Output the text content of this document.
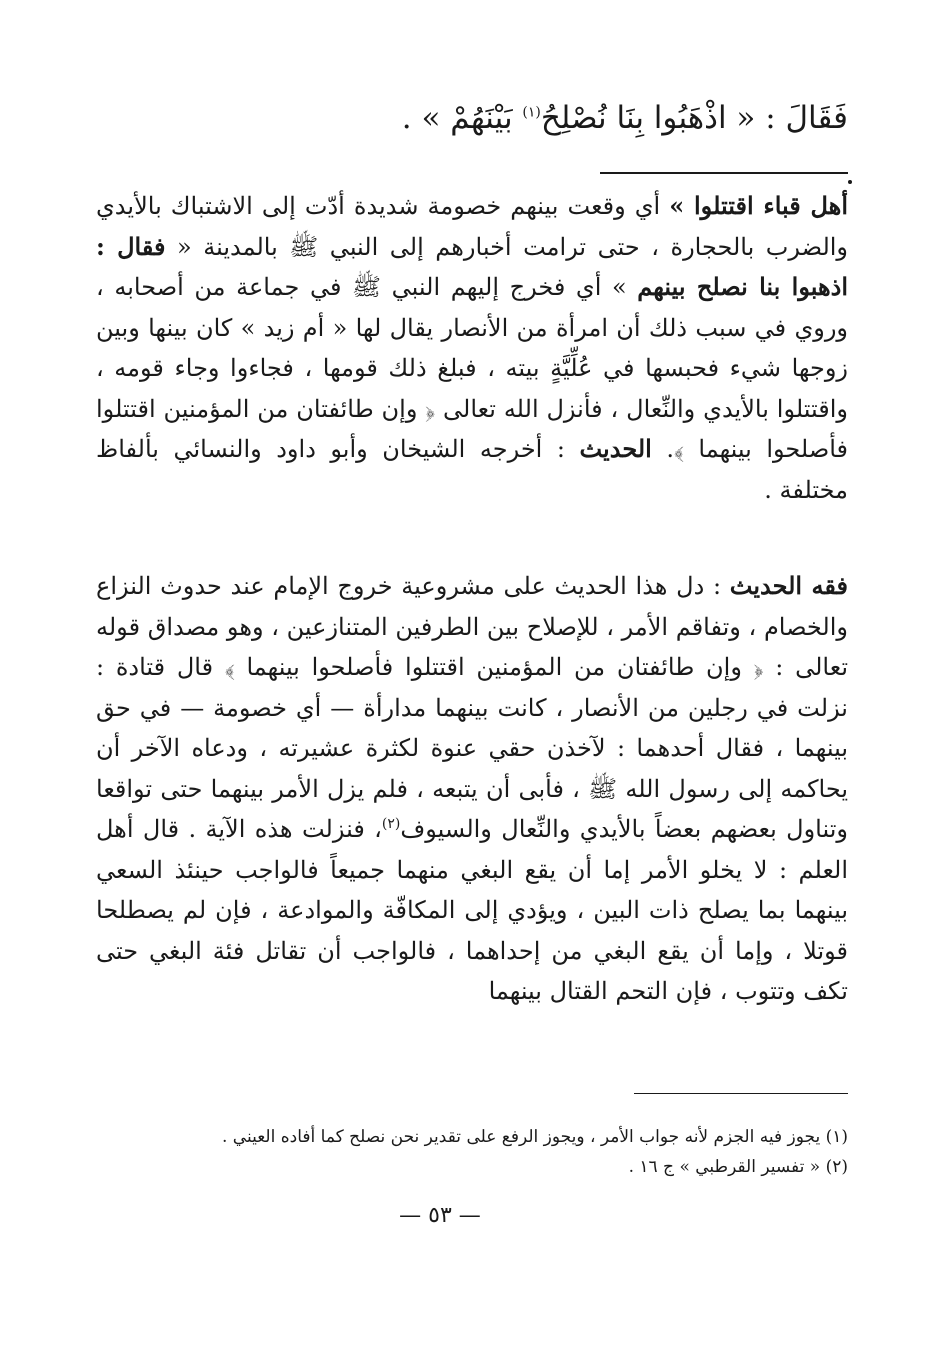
فَقَالَ : « اذْهَبُوا بِنَا نُصْلِحُ$^{(١)}$ بَيْنَهُمْ » .
أهل قباء اقتتلوا » أي وقعت بينهم خصومة شديدة أدّت إلى الاشتباك بالأيدي والضرب بالحجارة ، حتى ترامت أخبارهم إلى النبي ﷺ بالمدينة « فقال : اذهبوا بنا نصلح بينهم » أي فخرج إليهم النبي ﷺ في جماعة من أصحابه ، وروي في سبب ذلك أن امرأة من الأنصار يقال لها « أم زيد » كان بينها وبين زوجها شيء فحبسها في عُلِّيَّةٍ بيته ، فبلغ ذلك قومها ، فجاءوا وجاء قومه ، واقتتلوا بالأيدي والنِّعال ، فأنزل الله تعالى ﴿ وإن طائفتان من المؤمنين اقتتلوا فأصلحوا بينهما ﴾. الحديث : أخرجه الشيخان وأبو داود والنسائي بألفاظ مختلفة .
فقه الحديث : دل هذا الحديث على مشروعية خروج الإمام عند حدوث النزاع والخصام ، وتفاقم الأمر ، للإصلاح بين الطرفين المتنازعين ، وهو مصداق قوله تعالى : ﴿ وإن طائفتان من المؤمنين اقتتلوا فأصلحوا بينهما ﴾ قال قتادة : نزلت في رجلين من الأنصار ، كانت بينهما مدارأة — أي خصومة — في حق بينهما ، فقال أحدهما : لآخذن حقي عنوة لكثرة عشيرته ، ودعاه الآخر أن يحاكمه إلى رسول الله ﷺ ، فأبى أن يتبعه ، فلم يزل الأمر بينهما حتى تواقعا وتناول بعضهم بعضاً بالأيدي والنِّعال والسيوف$^{(٢)}$، فنزلت هذه الآية . قال أهل العلم : لا يخلو الأمر إما أن يقع البغي منهما جميعاً فالواجب حينئذ السعي بينهما بما يصلح ذات البين ، ويؤدي إلى المكافّة والموادعة ، فإن لم يصطلحا قوتلا ، وإما أن يقع البغي من إحداهما ، فالواجب أن تقاتل فئة البغي حتى تكف وتتوب ، فإن التحم القتال بينهما
(١) يجوز فيه الجزم لأنه جواب الأمر ، ويجوز الرفع على تقدير نحن نصلح كما أفاده العيني .
(٢) « تفسير القرطبي » ج ١٦ .
— ٥٣ —
